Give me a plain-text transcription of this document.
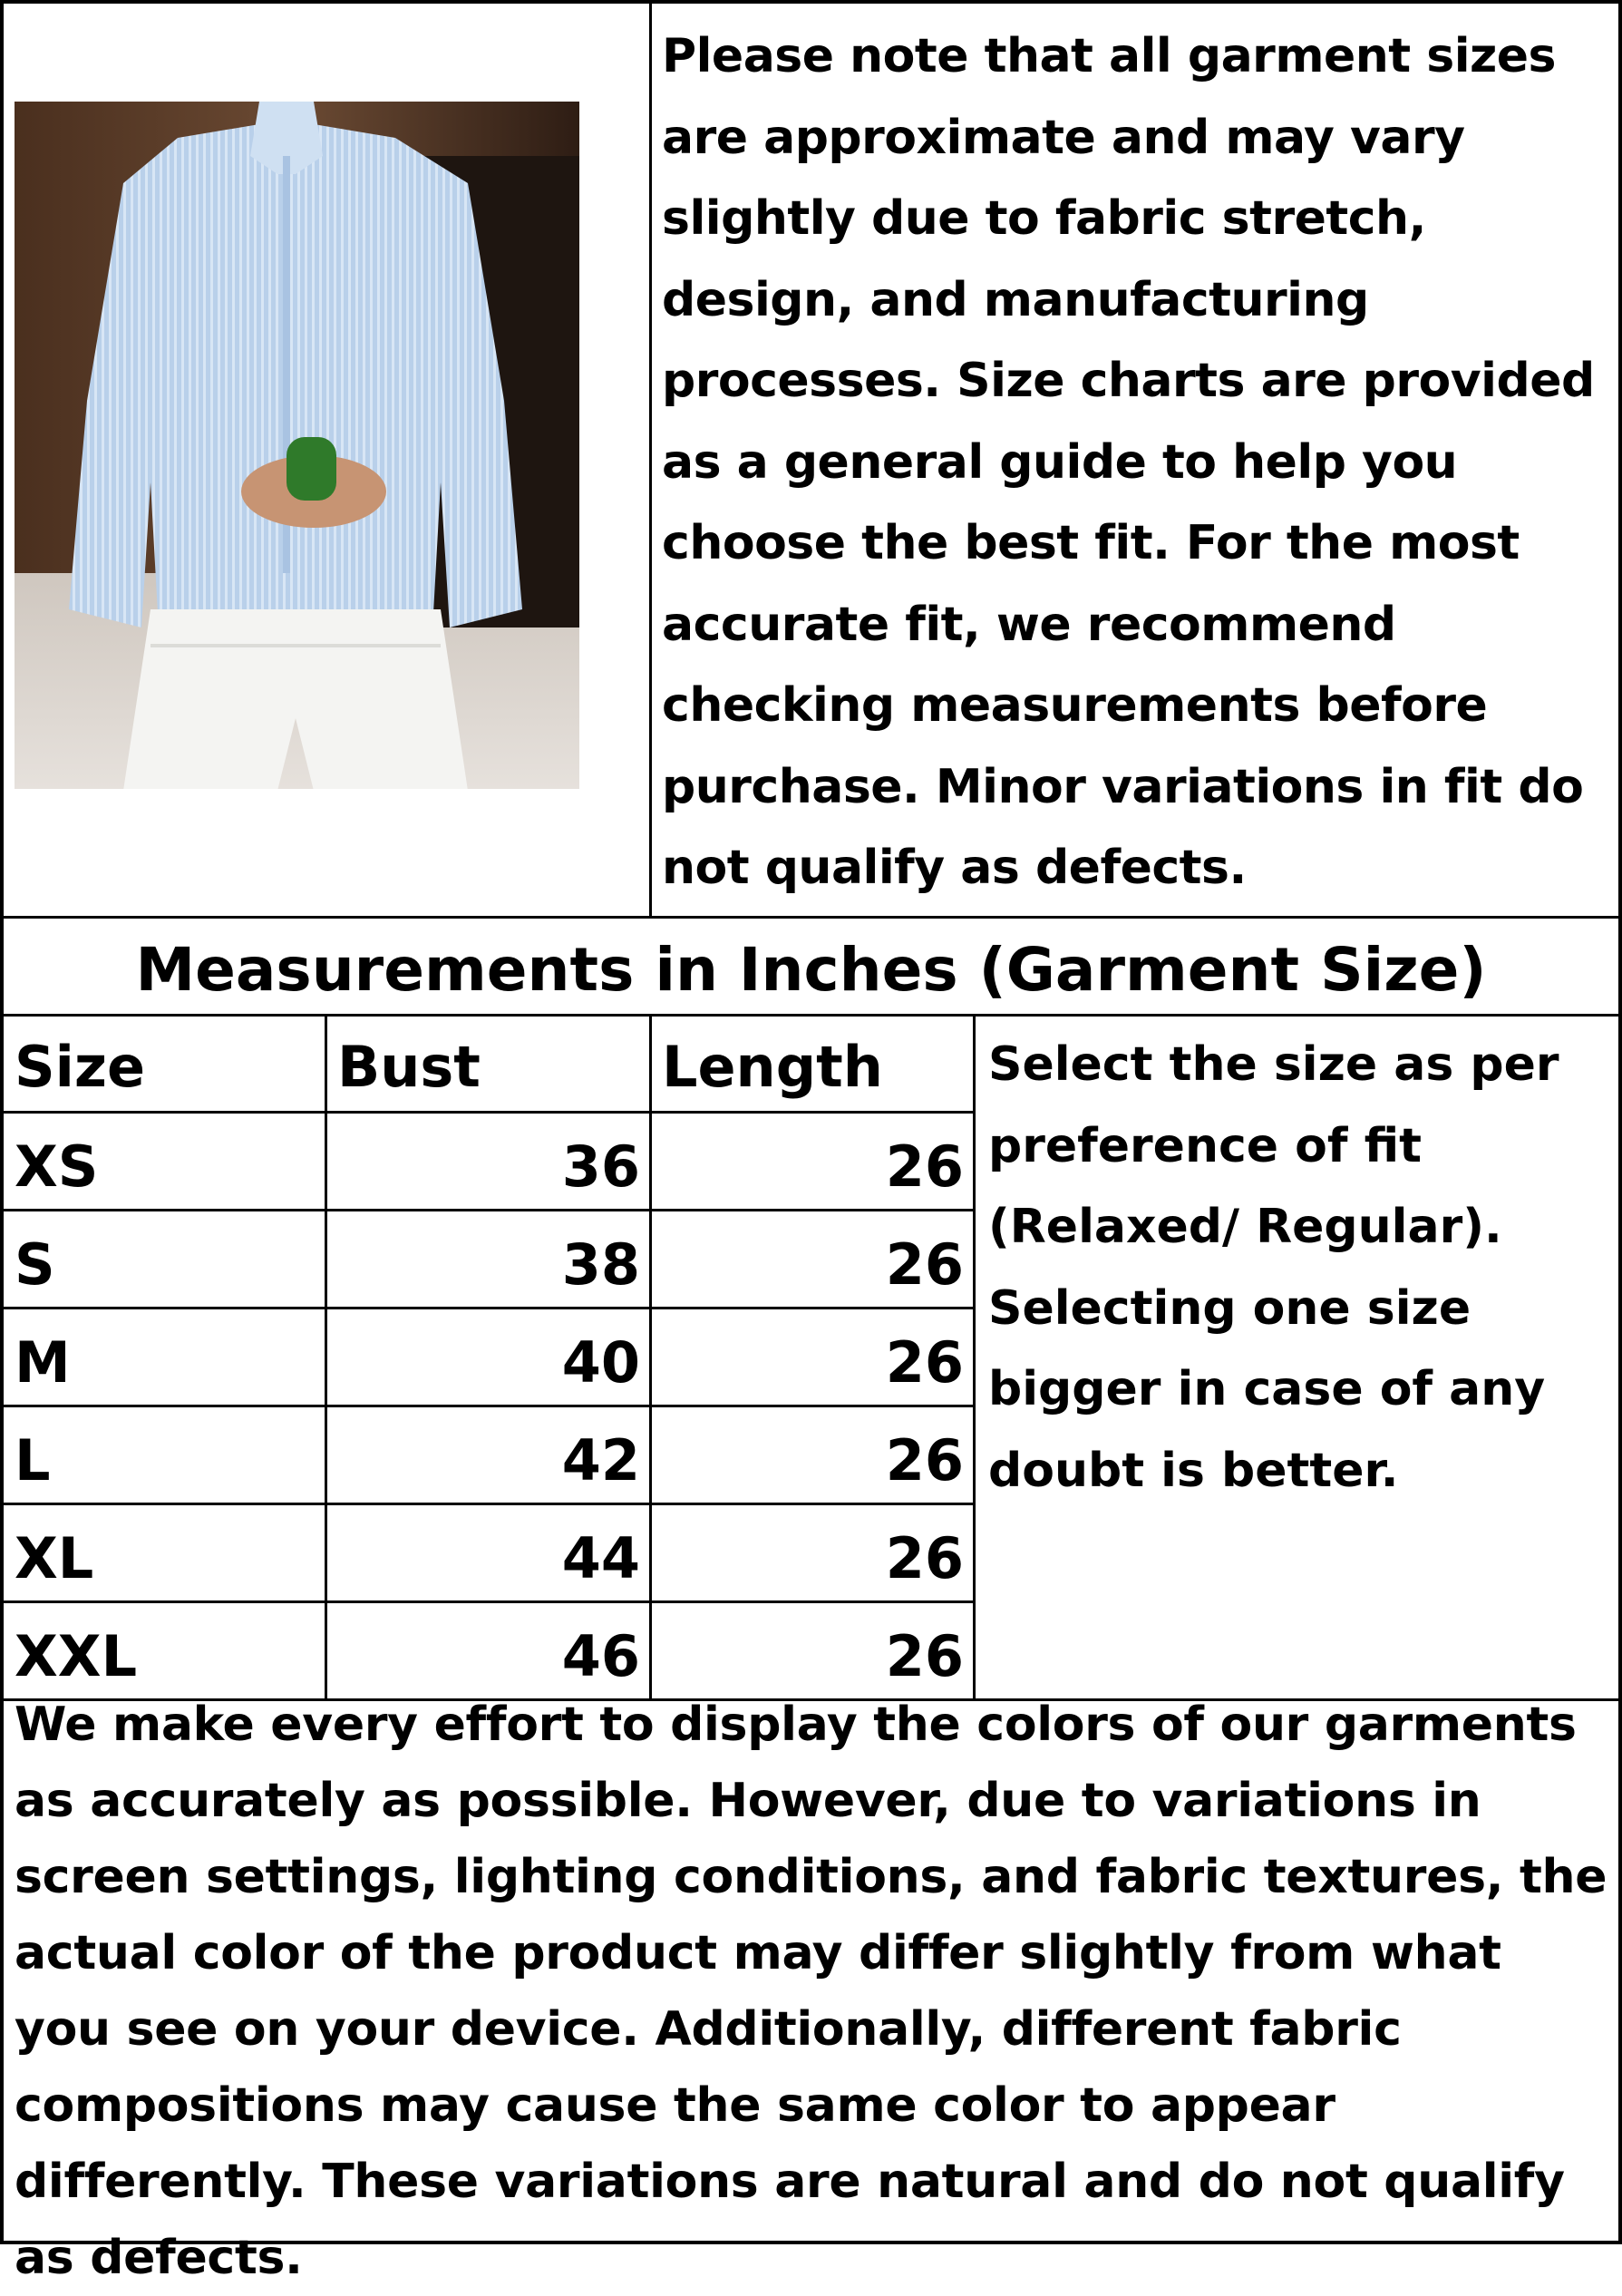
Please note that all garment sizes are approximate and may vary slightly due to fabric stretch, design, and manufacturing processes. Size charts are provided as a general guide to help you choose the best fit. For the most accurate fit, we recommend checking measurements before purchase. Minor variations in fit do not qualify as defects.
Measurements in Inches (Garment Size)
Size	Bust	Length
XS	36	26
S	38	26
M	40	26
L	42	26
XL	44	26
XXL	46	26
Select the size as per preference of fit (Relaxed/ Regular). Selecting one size bigger in case of any doubt is better.
We make every effort to display the colors of our garments as accurately as possible. However, due to variations in screen settings, lighting conditions, and fabric textures, the actual color of the product may differ slightly from what you see on your device. Additionally, different fabric compositions may cause the same color to appear differently. These variations are natural and do not qualify as defects.
